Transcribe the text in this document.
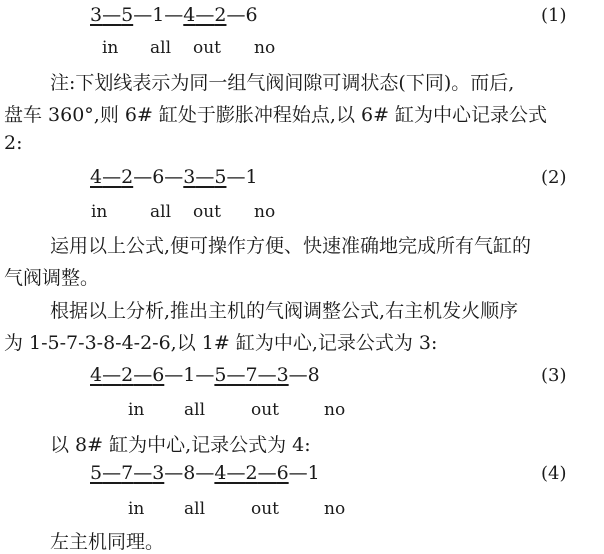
3—5—1—4—2—6	(1)
in all out no
注:下划线表示为同一组气阀间隙可调状态(下同)。而后,
盘车 360°,则 6# 缸处于膨胀冲程始点,以 6# 缸为中心记录公式
2:
4—2—6—3—5—1	(2)
in	all out no
运用以上公式,便可操作方便、快速准确地完成所有气缸的
气阀调整。
根据以上分析,推出主机的气阀调整公式,右主机发火顺序
为 1-5-7-3-8-4-2-6,以 1# 缸为中心,记录公式为 3:
4—2—6—1—5—7—3—8	(3)
in all	out	no
以 8# 缸为中心,记录公式为 4:
5—7—3—8—4—2—6—1	(4)
in all	out	no
左主机同理。
